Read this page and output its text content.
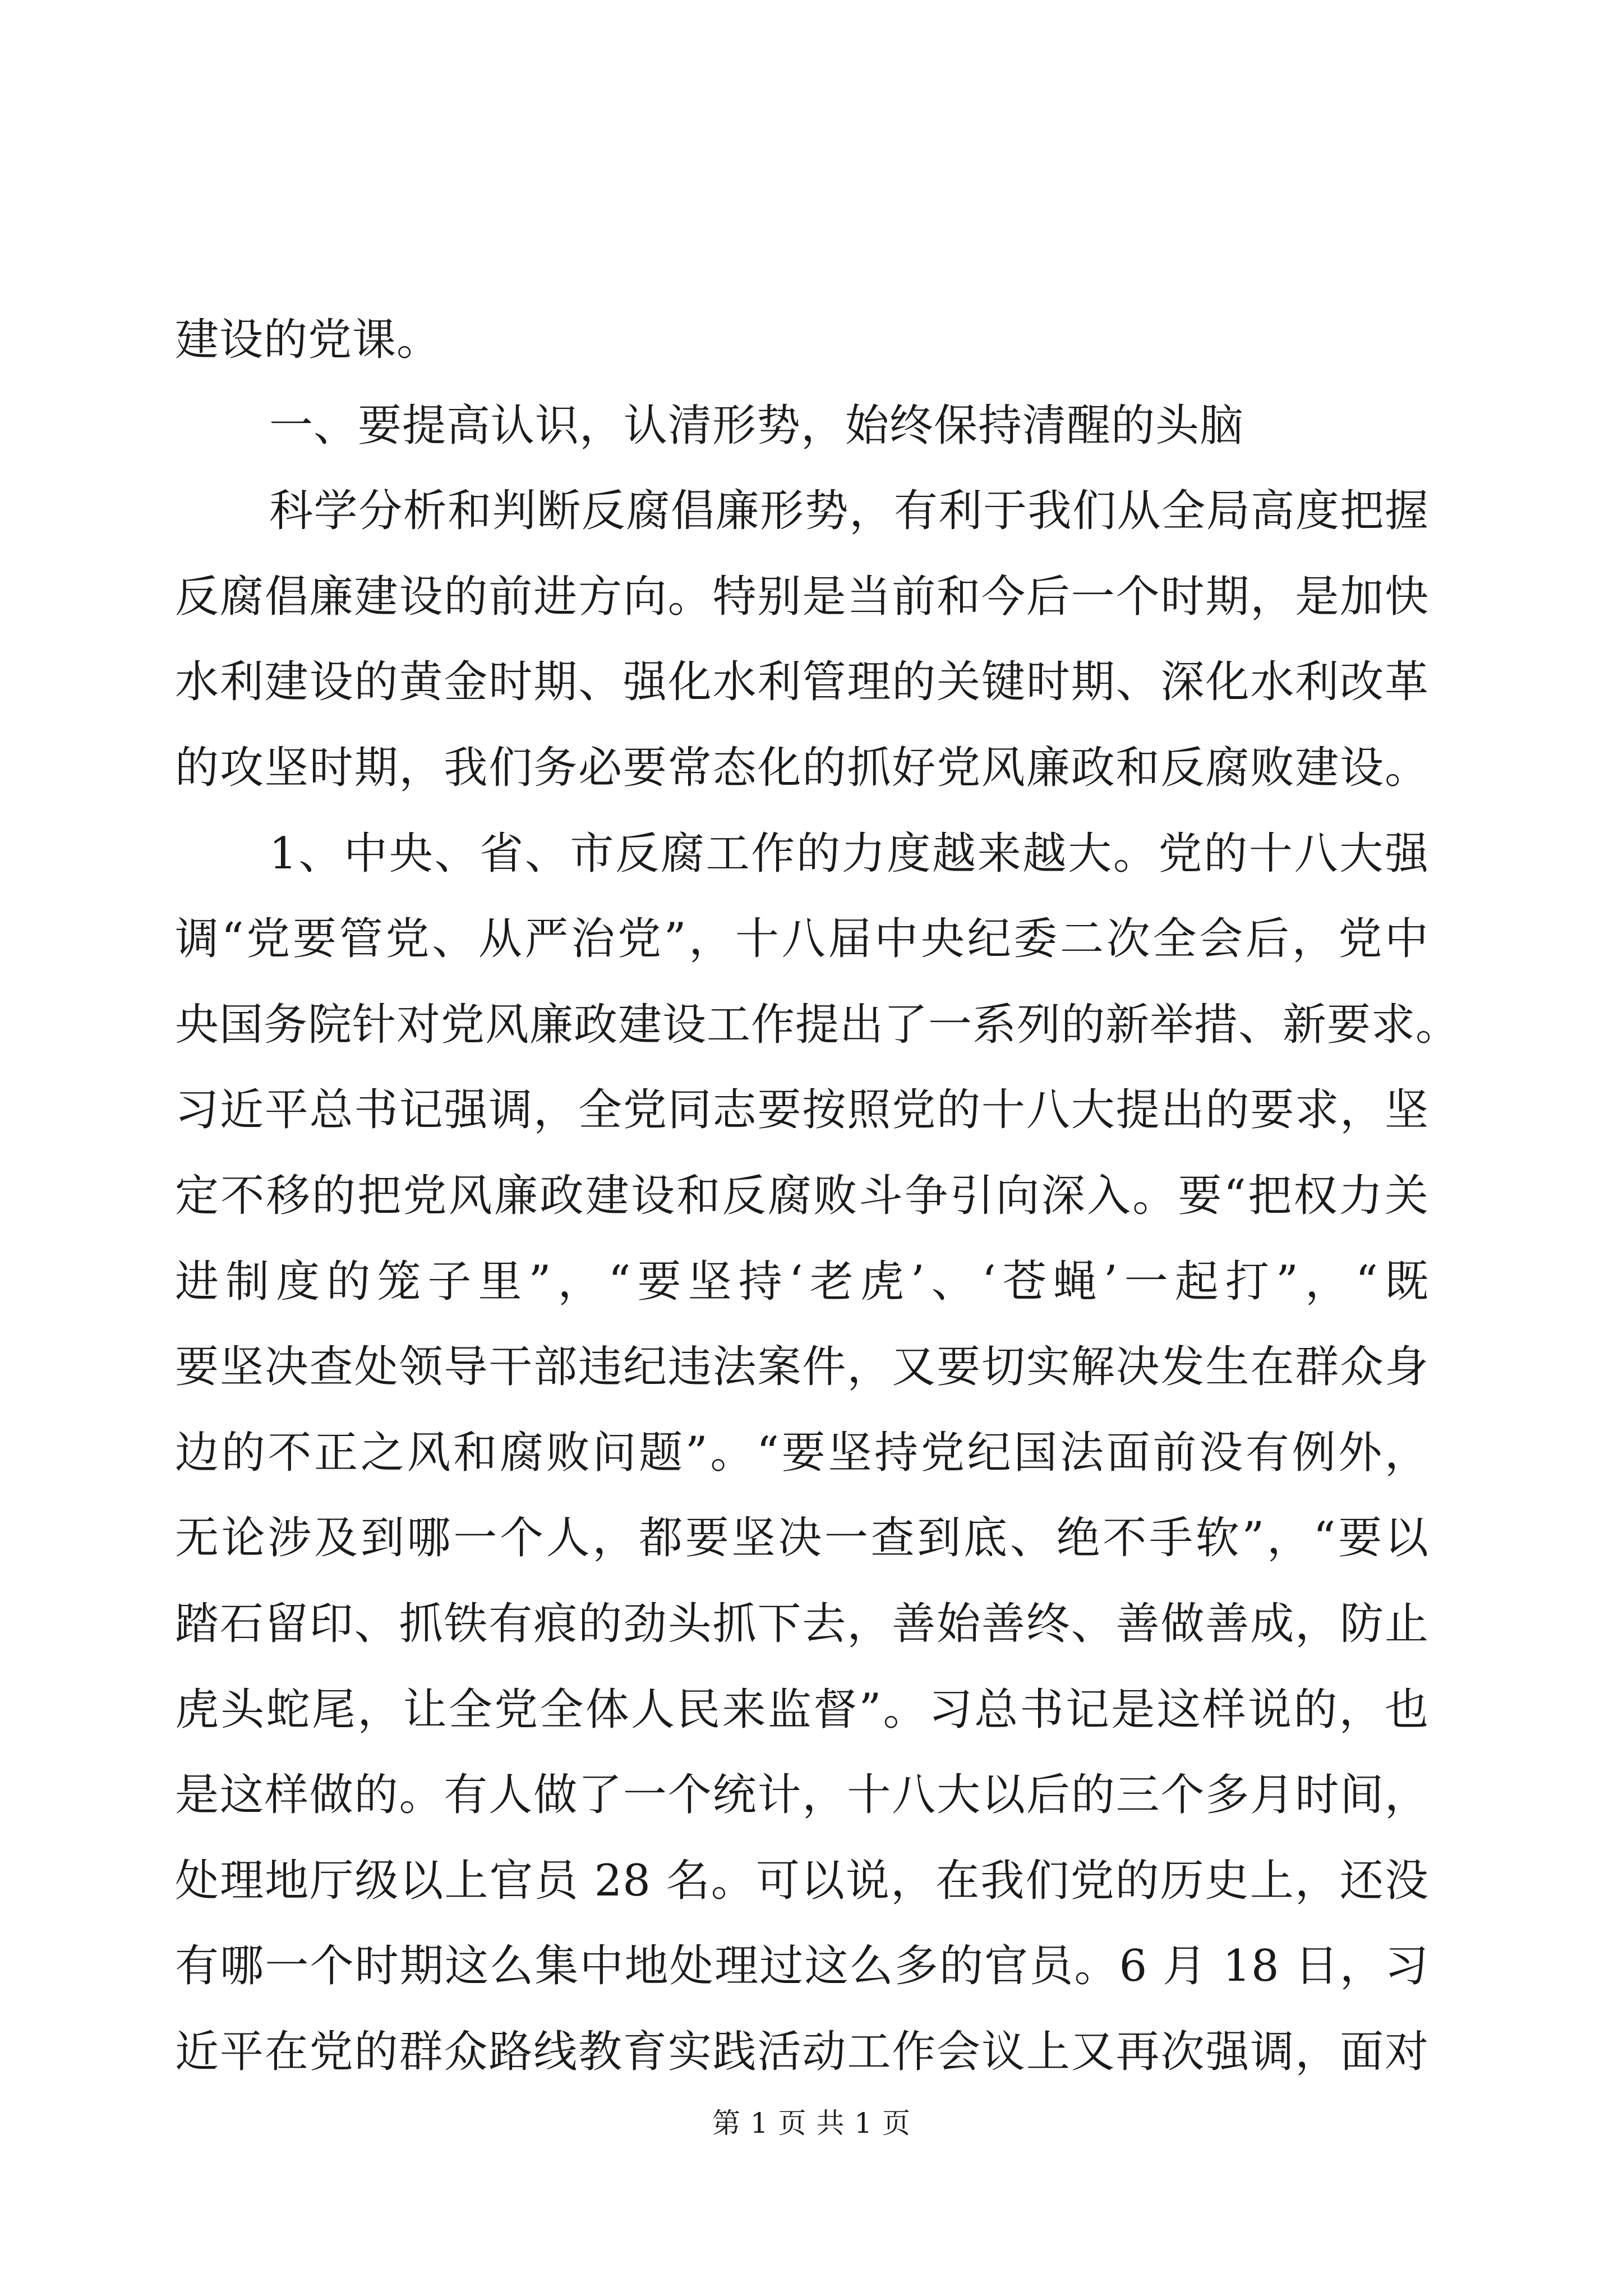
建设的党课。
一、要提高认识，认清形势，始终保持清醒的头脑
科学分析和判断反腐倡廉形势，有利于我们从全局高度把握
反腐倡廉建设的前进方向。特别是当前和今后一个时期，是加快
水利建设的黄金时期、强化水利管理的关键时期、深化水利改革
的攻坚时期，我们务必要常态化的抓好党风廉政和反腐败建设。
1、中央、省、市反腐工作的力度越来越大。党的十八大强
调“党要管党、从严治党”，十八届中央纪委二次全会后，党中
央国务院针对党风廉政建设工作提出了一系列的新举措、新要求。
习近平总书记强调，全党同志要按照党的十八大提出的要求，坚
定不移的把党风廉政建设和反腐败斗争引向深入。要“把权力关
进制度的笼子里”，“要坚持‘老虎’、‘苍蝇’一起打”，“既
要坚决查处领导干部违纪违法案件，又要切实解决发生在群众身
边的不正之风和腐败问题”。“要坚持党纪国法面前没有例外，
无论涉及到哪一个人，都要坚决一查到底、绝不手软”，“要以
踏石留印、抓铁有痕的劲头抓下去，善始善终、善做善成，防止
虎头蛇尾，让全党全体人民来监督”。习总书记是这样说的，也
是这样做的。有人做了一个统计，十八大以后的三个多月时间，
处理地厅级以上官员 28 名。可以说，在我们党的历史上，还没
有哪一个时期这么集中地处理过这么多的官员。6 月 18 日，习
近平在党的群众路线教育实践活动工作会议上又再次强调，面对
第 1 页 共 1 页
